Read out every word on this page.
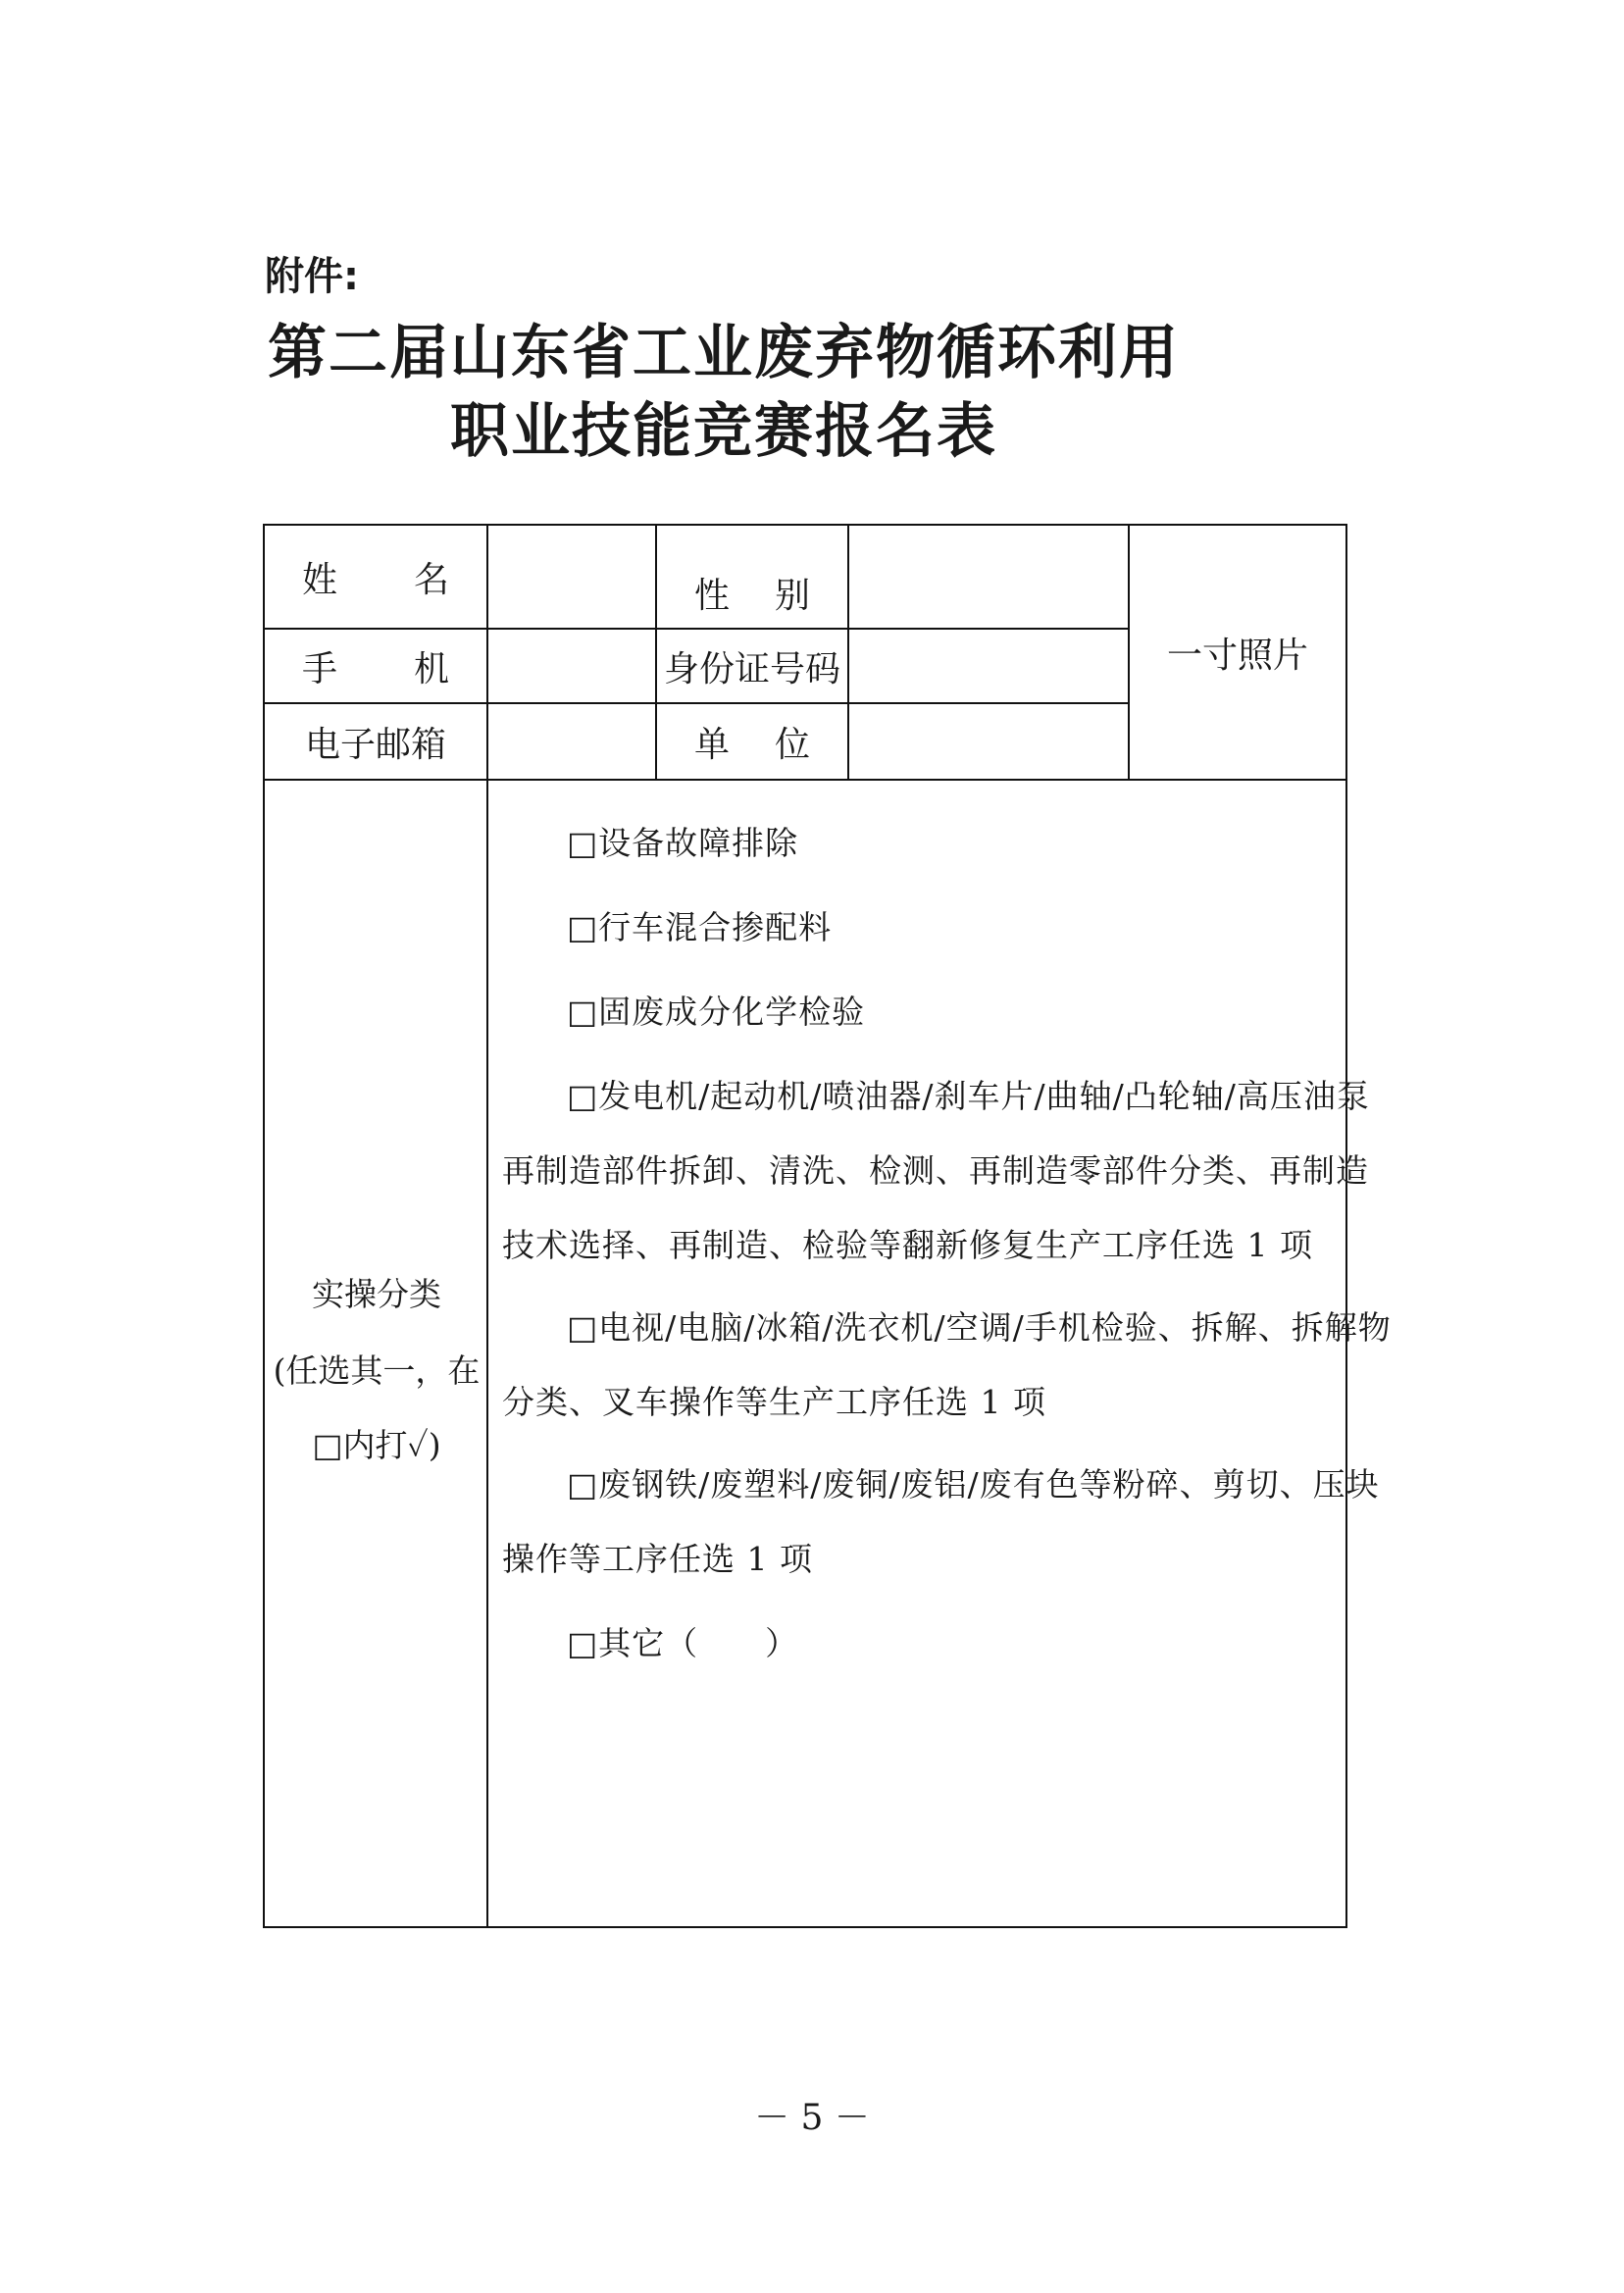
附件:
第二届山东省工业废弃物循环利用
职业技能竞赛报名表
姓 名	性 别
一寸照片
手 机	身份证号码
电子邮箱	单 位
实操分类
(任选其一，在
□内打✓)
□设备故障排除
□行车混合掺配料
□固废成分化学检验
□发电机/起动机/喷油器/刹车片/曲轴/凸轮轴/高压油泵
再制造部件拆卸、清洗、检测、再制造零部件分类、再制造
技术选择、再制造、检验等翻新修复生产工序任选 1 项
□电视/电脑/冰箱/洗衣机/空调/手机检验、拆解、拆解物
分类、叉车操作等生产工序任选 1 项
□废钢铁/废塑料/废铜/废铝/废有色等粉碎、剪切、压块
操作等工序任选 1 项
□其它（　　）
－ 5 －
